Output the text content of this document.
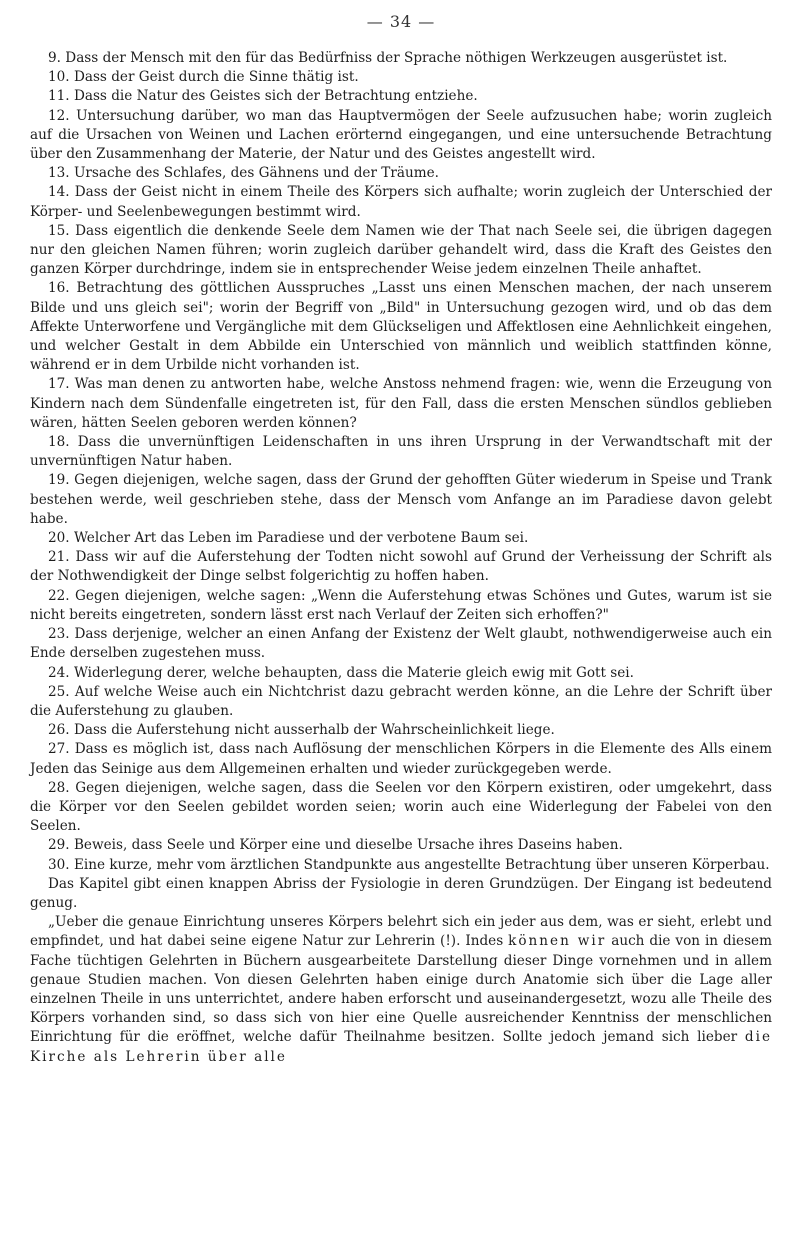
— 34 —

9. Dass der Mensch mit den für das Bedürfniss der Sprache nöthigen Werkzeugen ausgerüstet ist.

10. Dass der Geist durch die Sinne thätig ist.

11. Dass die Natur des Geistes sich der Betrachtung entziehe.

12. Untersuchung darüber, wo man das Hauptvermögen der Seele aufzusuchen habe; worin zugleich auf die Ursachen von Weinen und Lachen erörternd eingegangen, und eine untersuchende Betrachtung über den Zusammenhang der Materie, der Natur und des Geistes angestellt wird.

13. Ursache des Schlafes, des Gähnens und der Träume.

14. Dass der Geist nicht in einem Theile des Körpers sich aufhalte; worin zugleich der Unterschied der Körper- und Seelenbewegungen bestimmt wird.

15. Dass eigentlich die denkende Seele dem Namen wie der That nach Seele sei, die übrigen dagegen nur den gleichen Namen führen; worin zugleich darüber gehandelt wird, dass die Kraft des Geistes den ganzen Körper durchdringe, indem sie in entsprechender Weise jedem einzelnen Theile anhaftet.

16. Betrachtung des göttlichen Ausspruches „Lasst uns einen Menschen machen, der nach unserem Bilde und uns gleich sei"; worin der Begriff von „Bild" in Untersuchung gezogen wird, und ob das dem Affekte Unterworfene und Vergängliche mit dem Glückseligen und Affektlosen eine Aehnlichkeit eingehen, und welcher Gestalt in dem Abbilde ein Unterschied von männlich und weiblich stattfinden könne, während er in dem Urbilde nicht vorhanden ist.

17. Was man denen zu antworten habe, welche Anstoss nehmend fragen: wie, wenn die Erzeugung von Kindern nach dem Sündenfalle eingetreten ist, für den Fall, dass die ersten Menschen sündlos geblieben wären, hätten Seelen geboren werden können?

18. Dass die unvernünftigen Leidenschaften in uns ihren Ursprung in der Verwandtschaft mit der unvernünftigen Natur haben.

19. Gegen diejenigen, welche sagen, dass der Grund der gehofften Güter wiederum in Speise und Trank bestehen werde, weil geschrieben stehe, dass der Mensch vom Anfange an im Paradiese davon gelebt habe.

20. Welcher Art das Leben im Paradiese und der verbotene Baum sei.

21. Dass wir auf die Auferstehung der Todten nicht sowohl auf Grund der Verheissung der Schrift als der Nothwendigkeit der Dinge selbst folgerichtig zu hoffen haben.

22. Gegen diejenigen, welche sagen: „Wenn die Auferstehung etwas Schönes und Gutes, warum ist sie nicht bereits eingetreten, sondern lässt erst nach Verlauf der Zeiten sich erhoffen?"

23. Dass derjenige, welcher an einen Anfang der Existenz der Welt glaubt, nothwendigerweise auch ein Ende derselben zugestehen muss.

24. Widerlegung derer, welche behaupten, dass die Materie gleich ewig mit Gott sei.

25. Auf welche Weise auch ein Nichtchrist dazu gebracht werden könne, an die Lehre der Schrift über die Auferstehung zu glauben.

26. Dass die Auferstehung nicht ausserhalb der Wahrscheinlichkeit liege.

27. Dass es möglich ist, dass nach Auflösung der menschlichen Körpers in die Elemente des Alls einem Jeden das Seinige aus dem Allgemeinen erhalten und wieder zurückgegeben werde.

28. Gegen diejenigen, welche sagen, dass die Seelen vor den Körpern existiren, oder umgekehrt, dass die Körper vor den Seelen gebildet worden seien; worin auch eine Widerlegung der Fabelei von den Seelen.

29. Beweis, dass Seele und Körper eine und dieselbe Ursache ihres Daseins haben.

30. Eine kurze, mehr vom ärztlichen Standpunkte aus angestellte Betrachtung über unseren Körperbau.

Das Kapitel gibt einen knappen Abriss der Fysiologie in deren Grundzügen. Der Eingang ist bedeutend genug.

„Ueber die genaue Einrichtung unseres Körpers belehrt sich ein jeder aus dem, was er sieht, erlebt und empfindet, und hat dabei seine eigene Natur zur Lehrerin (!). Indes können wir auch die von in diesem Fache tüchtigen Gelehrten in Büchern ausgearbeitete Darstellung dieser Dinge vornehmen und in allem genaue Studien machen. Von diesen Gelehrten haben einige durch Anatomie sich über die Lage aller einzelnen Theile in uns unterrichtet, andere haben erforscht und auseinandergesetzt, wozu alle Theile des Körpers vorhanden sind, so dass sich von hier eine Quelle ausreichender Kenntniss der menschlichen Einrichtung für die eröffnet, welche dafür Theilnahme besitzen. Sollte jedoch jemand sich lieber die Kirche als Lehrerin über alle
